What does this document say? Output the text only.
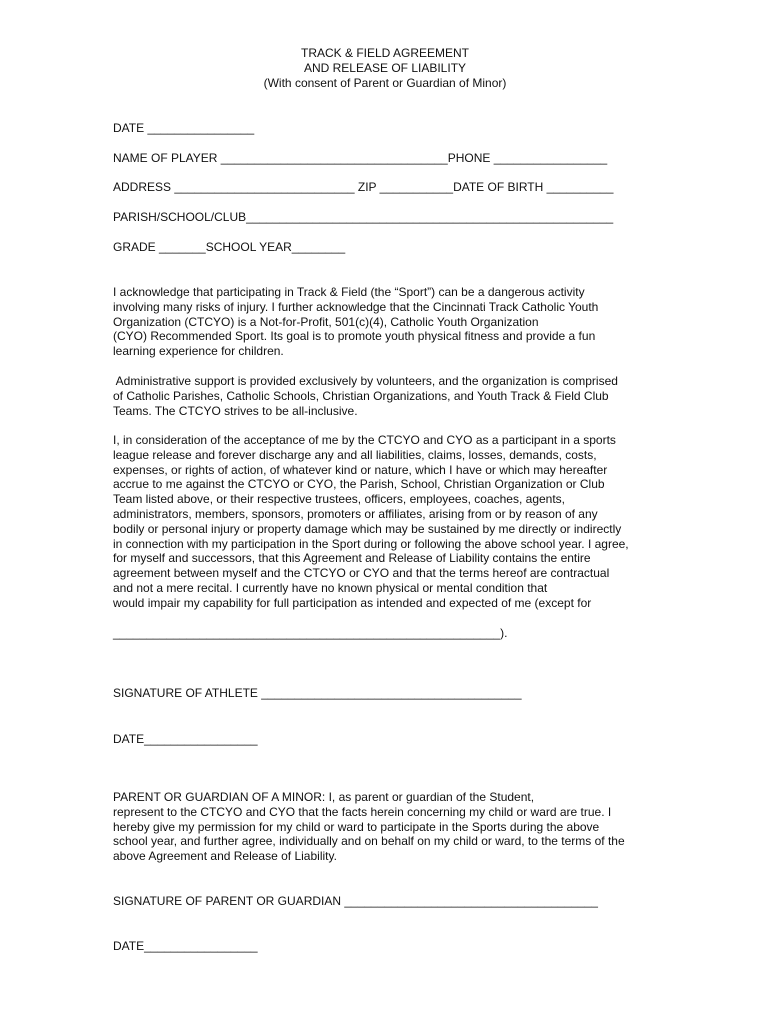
TRACK & FIELD AGREEMENT
AND RELEASE OF LIABILITY
(With consent of Parent or Guardian of Minor)
DATE ________________
NAME OF PLAYER __________________________________PHONE _________________
ADDRESS ___________________________ ZIP ___________DATE OF BIRTH __________
PARISH/SCHOOL/CLUB_______________________________________________________
GRADE _______SCHOOL YEAR________
I acknowledge that participating in Track & Field (the “Sport”) can be a dangerous activity
involving many risks of injury. I further acknowledge that the Cincinnati Track Catholic Youth
Organization (CTCYO) is a Not-for-Profit, 501(c)(4), Catholic Youth Organization
(CYO) Recommended Sport. Its goal is to promote youth physical fitness and provide a fun
learning experience for children.
Administrative support is provided exclusively by volunteers, and the organization is comprised
of Catholic Parishes, Catholic Schools, Christian Organizations, and Youth Track & Field Club
Teams. The CTCYO strives to be all-inclusive.
I, in consideration of the acceptance of me by the CTCYO and CYO as a participant in a sports
league release and forever discharge any and all liabilities, claims, losses, demands, costs,
expenses, or rights of action, of whatever kind or nature, which I have or which may hereafter
accrue to me against the CTCYO or CYO, the Parish, School, Christian Organization or Club
Team listed above, or their respective trustees, officers, employees, coaches, agents,
administrators, members, sponsors, promoters or affiliates, arising from or by reason of any
bodily or personal injury or property damage which may be sustained by me directly or indirectly
in connection with my participation in the Sport during or following the above school year. I agree,
for myself and successors, that this Agreement and Release of Liability contains the entire
agreement between myself and the CTCYO or CYO and that the terms hereof are contractual
and not a mere recital. I currently have no known physical or mental condition that
would impair my capability for full participation as intended and expected of me (except for
__________________________________________________________).
SIGNATURE OF ATHLETE _______________________________________
DATE_________________
PARENT OR GUARDIAN OF A MINOR: I, as parent or guardian of the Student,
represent to the CTCYO and CYO that the facts herein concerning my child or ward are true. I
hereby give my permission for my child or ward to participate in the Sports during the above
school year, and further agree, individually and on behalf on my child or ward, to the terms of the
above Agreement and Release of Liability.
SIGNATURE OF PARENT OR GUARDIAN ______________________________________
DATE_________________
